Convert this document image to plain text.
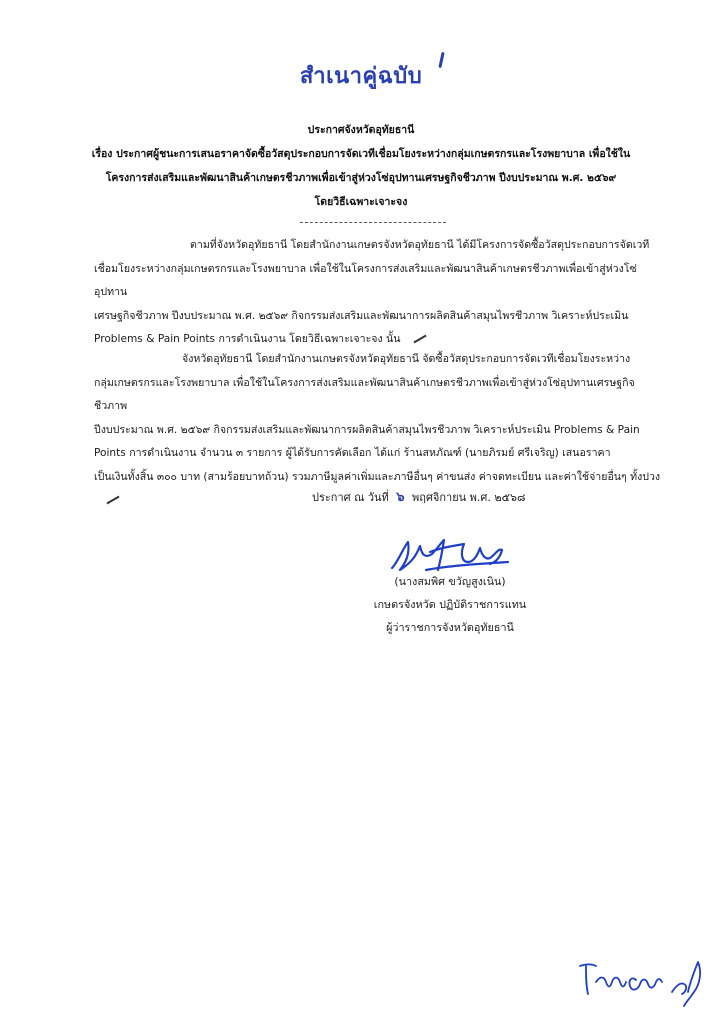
สำเนาคู่ฉบับ
ประกาศจังหวัดอุทัยธานี
เรื่อง ประกาศผู้ชนะการเสนอราคาจัดซื้อวัสดุประกอบการจัดเวทีเชื่อมโยงระหว่างกลุ่มเกษตรกรและโรงพยาบาล เพื่อใช้ใน
โครงการส่งเสริมและพัฒนาสินค้าเกษตรชีวภาพเพื่อเข้าสู่ห่วงโซ่อุปทานเศรษฐกิจชีวภาพ ปีงบประมาณ พ.ศ. ๒๕๖๙
โดยวิธีเฉพาะเจาะจง
ตามที่จังหวัดอุทัยธานี โดยสำนักงานเกษตรจังหวัดอุทัยธานี ได้มีโครงการจัดซื้อวัสดุประกอบการจัดเวที
เชื่อมโยงระหว่างกลุ่มเกษตรกรและโรงพยาบาล เพื่อใช้ในโครงการส่งเสริมและพัฒนาสินค้าเกษตรชีวภาพเพื่อเข้าสู่ห่วงโซ่อุปทาน
เศรษฐกิจชีวภาพ ปีงบประมาณ พ.ศ. ๒๕๖๙ กิจกรรมส่งเสริมและพัฒนาการผลิตสินค้าสมุนไพรชีวภาพ วิเคราะห์ประเมิน
Problems & Pain Points การดำเนินงาน โดยวิธีเฉพาะเจาะจง นั้น
จังหวัดอุทัยธานี โดยสำนักงานเกษตรจังหวัดอุทัยธานี จัดซื้อวัสดุประกอบการจัดเวทีเชื่อมโยงระหว่าง
กลุ่มเกษตรกรและโรงพยาบาล เพื่อใช้ในโครงการส่งเสริมและพัฒนาสินค้าเกษตรชีวภาพเพื่อเข้าสู่ห่วงโซ่อุปทานเศรษฐกิจชีวภาพ
ปีงบประมาณ พ.ศ. ๒๕๖๙ กิจกรรมส่งเสริมและพัฒนาการผลิตสินค้าสมุนไพรชีวภาพ วิเคราะห์ประเมิน Problems & Pain
Points การดำเนินงาน จำนวน ๓ รายการ ผู้ได้รับการคัดเลือก ได้แก่ ร้านสหภัณฑ์ (นายภิรมย์ ศรีเจริญ) เสนอราคา
เป็นเงินทั้งสิ้น ๓๐๐ บาท (สามร้อยบาทถ้วน) รวมภาษีมูลค่าเพิ่มและภาษีอื่นๆ ค่าขนส่ง ค่าจดทะเบียน และค่าใช้จ่ายอื่นๆ ทั้งปวง
ประกาศ ณ วันที่ ๖ พฤศจิกายน พ.ศ. ๒๕๖๘
(นางสมพิศ ขวัญสูงเนิน)
เกษตรจังหวัด ปฏิบัติราชการแทน
ผู้ว่าราชการจังหวัดอุทัยธานี
